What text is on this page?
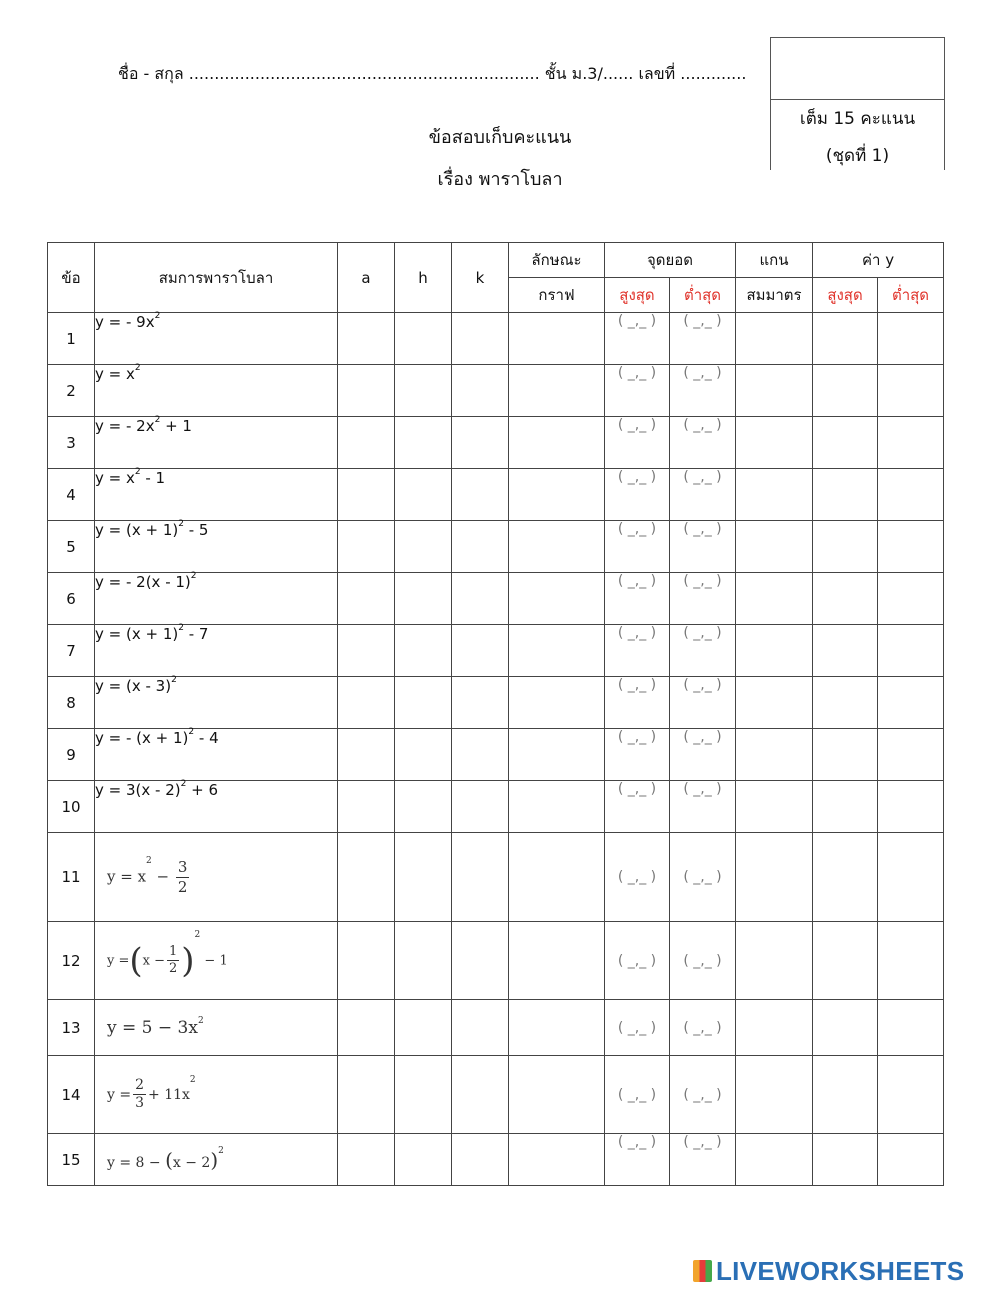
ชื่อ - สกุล ..................................................................... ชั้น ม.3/...... เลขที่ .............
เต็ม 15 คะแนน
(ชุดที่ 1)
ข้อสอบเก็บคะแนน
เรื่อง พาราโบลา
ข้อ	สมการพาราโบลา	a	h	k	ลักษณะ	จุดยอด		แกน	ค่า y	
					กราฟ	สูงสุด	ต่ำสุด	สมมาตร	สูงสุด	ต่ำสุด
1	y = - $9x^2$					( _,_ )	( _,_ )			
2	$y = x^2$					( _,_ )	( _,_ )			
3	y = - $2x^2 + 1$					( _,_ )	( _,_ )			
4	$y = x^2 - 1$					( _,_ )	( _,_ )			
5	$y = (x + 1)^2 - 5$					( _,_ )	( _,_ )			
6	y = - 2(x - 1)$^2$					( _,_ )	( _,_ )			
7	$y = (x + 1)^2 - 7$					( _,_ )	( _,_ )			
8	y = (x - 3)$^2$					( _,_ )	( _,_ )			
9	y = - $(x + 1)^2 - 4$					( _,_ )	( _,_ )			
10	y = 3(x - 2)$^2$ + 6					( _,_ )	( _,_ )			
11	$y = x^2 - \frac{3}{2}$					( _,_ )	( _,_ )			
12	$y =(x - \frac{1}{2} )^2 - 1$					( _,_ )	( _,_ )			
13	$y = 5 - 3x^2$					( _,_ )	( _,_ )			
14	$y = \frac{2}{3} + 11x^2$					( _,_ )	( _,_ )			
15	$y = 8 - (x - 2)^2$					( _,_ )	( _,_ )			
LIVEWORKSHEETS
